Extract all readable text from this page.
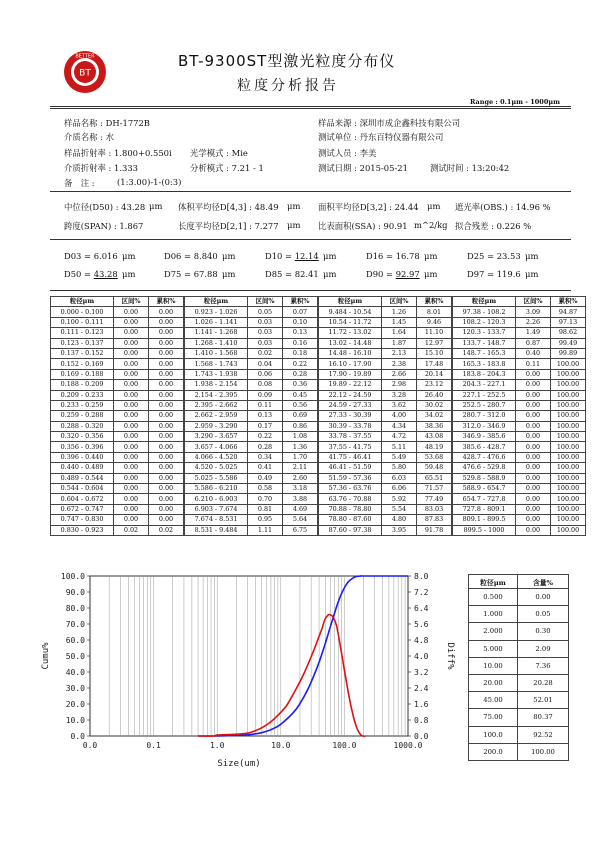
BT
BETTER	BT-9300ST型激光粒度分布仪
粒度分析报告
Range : 0.1μm - 1000μm
样品名称 : DH-1772B	样品来源 : 深圳市成企鑫科技有限公司
介质名称 : 水	测试单位 : 丹东百特仪器有限公司
样品折射率 : 1.800+0.550i 光学模式 : Mie	测试人员 : 李美
介质折射率 : 1.333	分析模式 : 7.21 - 1	测试日期 : 2015-05-21	测试时间 : 13:20:42
备　注 :	(1:3.00)-1-(0:3)
中位径(D50) : 43.28 μm 体积平均径D[4,3] : 48.49 μm 面积平均径D[3,2] : 24.44 μm 遮光率(OBS.) : 14.96 %
跨度(SPAN) : 1.867	长度平均径D[2,1] : 7.277 μm 比表面积(SSA) : 90.91 m^2/kg 拟合残差 : 0.226 %
D03 = 6.016 μm	D06 = 8.840 μm	D10 = 12.14 μm	D16 = 16.78 μm	D25 = 23.53 μm
D50 = 43.28 μm	D75 = 67.88 μm	D85 = 82.41 μm	D90 = 92.97 μm	D97 = 119.6 μm
粒径μm	区间%	累积%	粒径μm	区间%	累积%	粒径μm	区间%	累积%	粒径μm	区间%	累积%
0.000 - 0.100	0.00	0.00	0.923 - 1.026	0.05	0.07	9.484 - 10.54	1.26	8.01	97.38 - 108.2	3.09	94.87
0.100 - 0.111	0.00	0.00	1.026 - 1.141	0.03	0.10	10.54 - 11.72	1.45	9.46	108.2 - 120.3	2.26	97.13
0.111 - 0.123	0.00	0.00	1.141 - 1.268	0.03	0.13	11.72 - 13.02	1.64	11.10	120.3 - 133.7	1.49	98.62
0.123 - 0.137	0.00	0.00	1.268 - 1.410	0.03	0.16	13.02 - 14.48	1.87	12.97	133.7 - 148.7	0.87	99.49
0.137 - 0.152	0.00	0.00	1.410 - 1.568	0.02	0.18	14.48 - 16.10	2.13	15.10	148.7 - 165.3	0.40	99.89
0.152 - 0.169	0.00	0.00	1.568 - 1.743	0.04	0.22	16.10 - 17.90	2.38	17.48	165.3 - 183.8	0.11	100.00
0.169 - 0.188	0.00	0.00	1.743 - 1.938	0.06	0.28	17.90 - 19.89	2.66	20.14	183.8 - 204.3	0.00	100.00
0.188 - 0.209	0.00	0.00	1.938 - 2.154	0.08	0.36	19.89 - 22.12	2.98	23.12	204.3 - 227.1	0.00	100.00
0.209 - 0.233	0.00	0.00	2.154 - 2.395	0.09	0.45	22.12 - 24.59	3.28	26.40	227.1 - 252.5	0.00	100.00
0.233 - 0.259	0.00	0.00	2.395 - 2.662	0.11	0.56	24.59 - 27.33	3.62	30.02	252.5 - 280.7	0.00	100.00
0.259 - 0.288	0.00	0.00	2.662 - 2.959	0.13	0.69	27.33 - 30.39	4.00	34.02	280.7 - 312.0	0.00	100.00
0.288 - 0.320	0.00	0.00	2.959 - 3.290	0.17	0.86	30.39 - 33.78	4.34	38.36	312.0 - 346.9	0.00	100.00
0.320 - 0.356	0.00	0.00	3.290 - 3.657	0.22	1.08	33.78 - 37.55	4.72	43.08	346.9 - 385.6	0.00	100.00
0.356 - 0.396	0.00	0.00	3.657 - 4.066	0.28	1.36	37.55 - 41.75	5.11	48.19	385.6 - 428.7	0.00	100.00
0.396 - 0.440	0.00	0.00	4.066 - 4.520	0.34	1.70	41.75 - 46.41	5.49	53.68	428.7 - 476.6	0.00	100.00
0.440 - 0.489	0.00	0.00	4.520 - 5.025	0.41	2.11	46.41 - 51.59	5.80	59.48	476.6 - 529.8	0.00	100.00
0.489 - 0.544	0.00	0.00	5.025 - 5.586	0.49	2.60	51.59 - 57.36	6.03	65.51	529.8 - 588.9	0.00	100.00
0.544 - 0.604	0.00	0.00	5.586 - 6.210	0.58	3.18	57.36 - 63.76	6.06	71.57	588.9 - 654.7	0.00	100.00
0.604 - 0.672	0.00	0.00	6.210 - 6.903	0.70	3.88	63.76 - 70.88	5.92	77.49	654.7 - 727.8	0.00	100.00
0.672 - 0.747	0.00	0.00	6.903 - 7.674	0.81	4.69	70.88 - 78.80	5.54	83.03	727.8 - 809.1	0.00	100.00
0.747 - 0.830	0.00	0.00	7.674 - 8.531	0.95	5.64	78.80 - 87.60	4.80	87.83	809.1 - 899.5	0.00	100.00
0.830 - 0.923	0.02	0.02	8.531 - 9.484	1.11	6.75	87.60 - 97.38	3.95	91.78	899.5 - 1000	0.00	100.00
0.0	0.1	1.0	10.0	100.0	1000.0
0.0
10.0
20.0
30.0
40.0
50.0
60.0
70.0
80.0
90.0
100.0
0.0
0.8
1.6
2.4
3.2
4.0
4.8
5.6
6.4
7.2
8.0
Size(um)
Cumu%	Diff%
粒径μm	含量%
0.500	0.00
1.000	0.05
2.000	0.30
5.000	2.09
10.00	7.36
20.00	20.28
45.00	52.01
75.00	80.37
100.0	92.52
200.0	100.00
